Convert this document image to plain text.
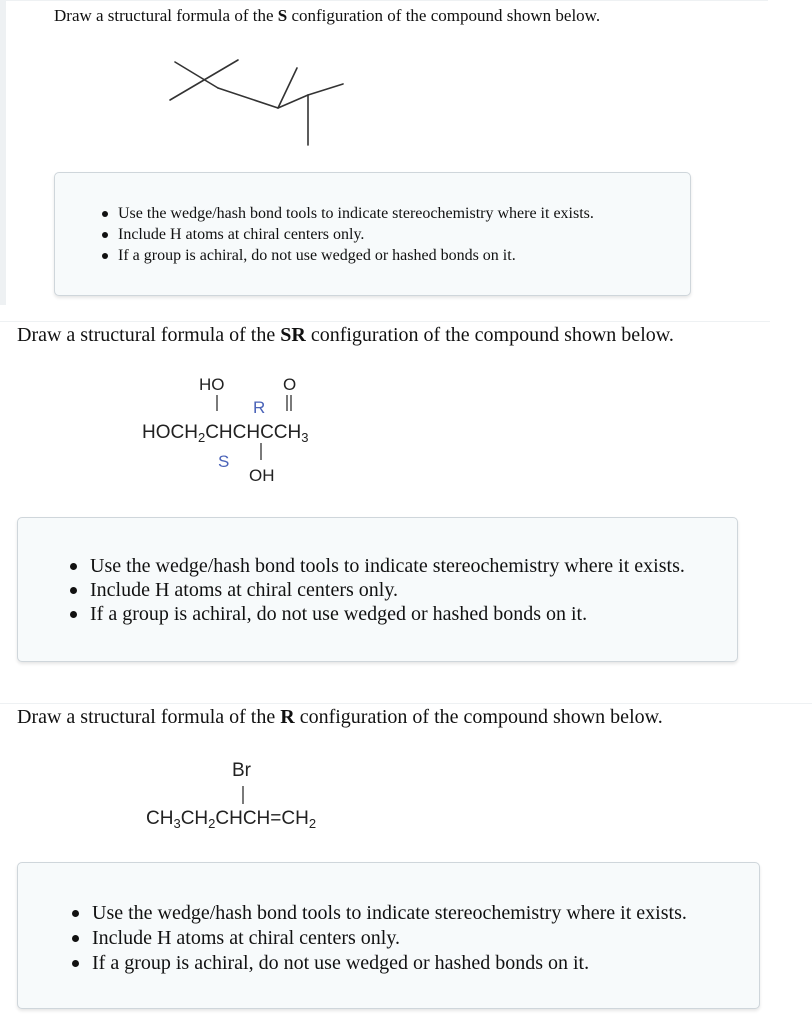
Draw a structural formula of the S configuration of the compound shown below.
Use the wedge/hash bond tools to indicate stereochemistry where it exists.
Include H atoms at chiral centers only.
If a group is achiral, do not use wedged or hashed bonds on it.
Draw a structural formula of the SR configuration of the compound shown below.
HO	O
R
$HOCH_2CHCHCCH_3$
S
OH
Use the wedge/hash bond tools to indicate stereochemistry where it exists.
Include H atoms at chiral centers only.
If a group is achiral, do not use wedged or hashed bonds on it.
Draw a structural formula of the R configuration of the compound shown below.
Br
$CH_3CH_2CHCH=CH_2$
Use the wedge/hash bond tools to indicate stereochemistry where it exists.
Include H atoms at chiral centers only.
If a group is achiral, do not use wedged or hashed bonds on it.
